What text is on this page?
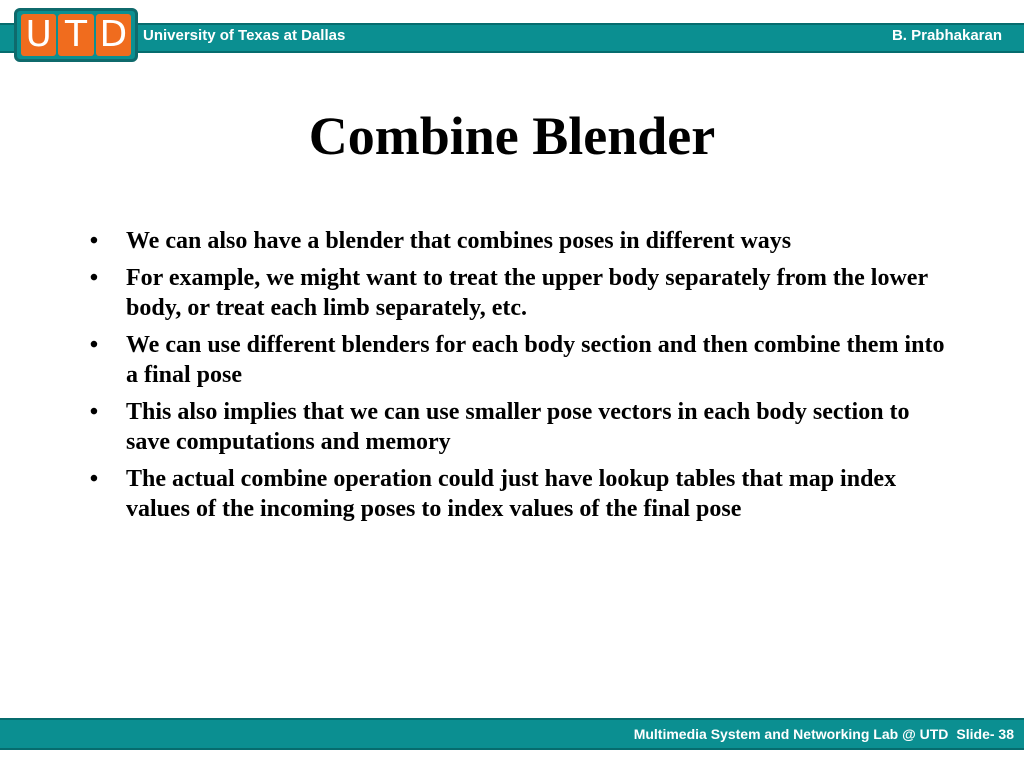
U T D University of Texas at Dallas	B. Prabhakaran
Combine Blender
• We can also have a blender that combines poses in different ways
• For example, we might want to treat the upper body separately from the lower body, or treat each limb separately, etc.
• We can use different blenders for each body section and then combine them into a final pose
• This also implies that we can use smaller pose vectors in each body section to save computations and memory
• The actual combine operation could just have lookup tables that map index values of the incoming poses to index values of the final pose
Multimedia System and Networking Lab @ UTD Slide- 38
